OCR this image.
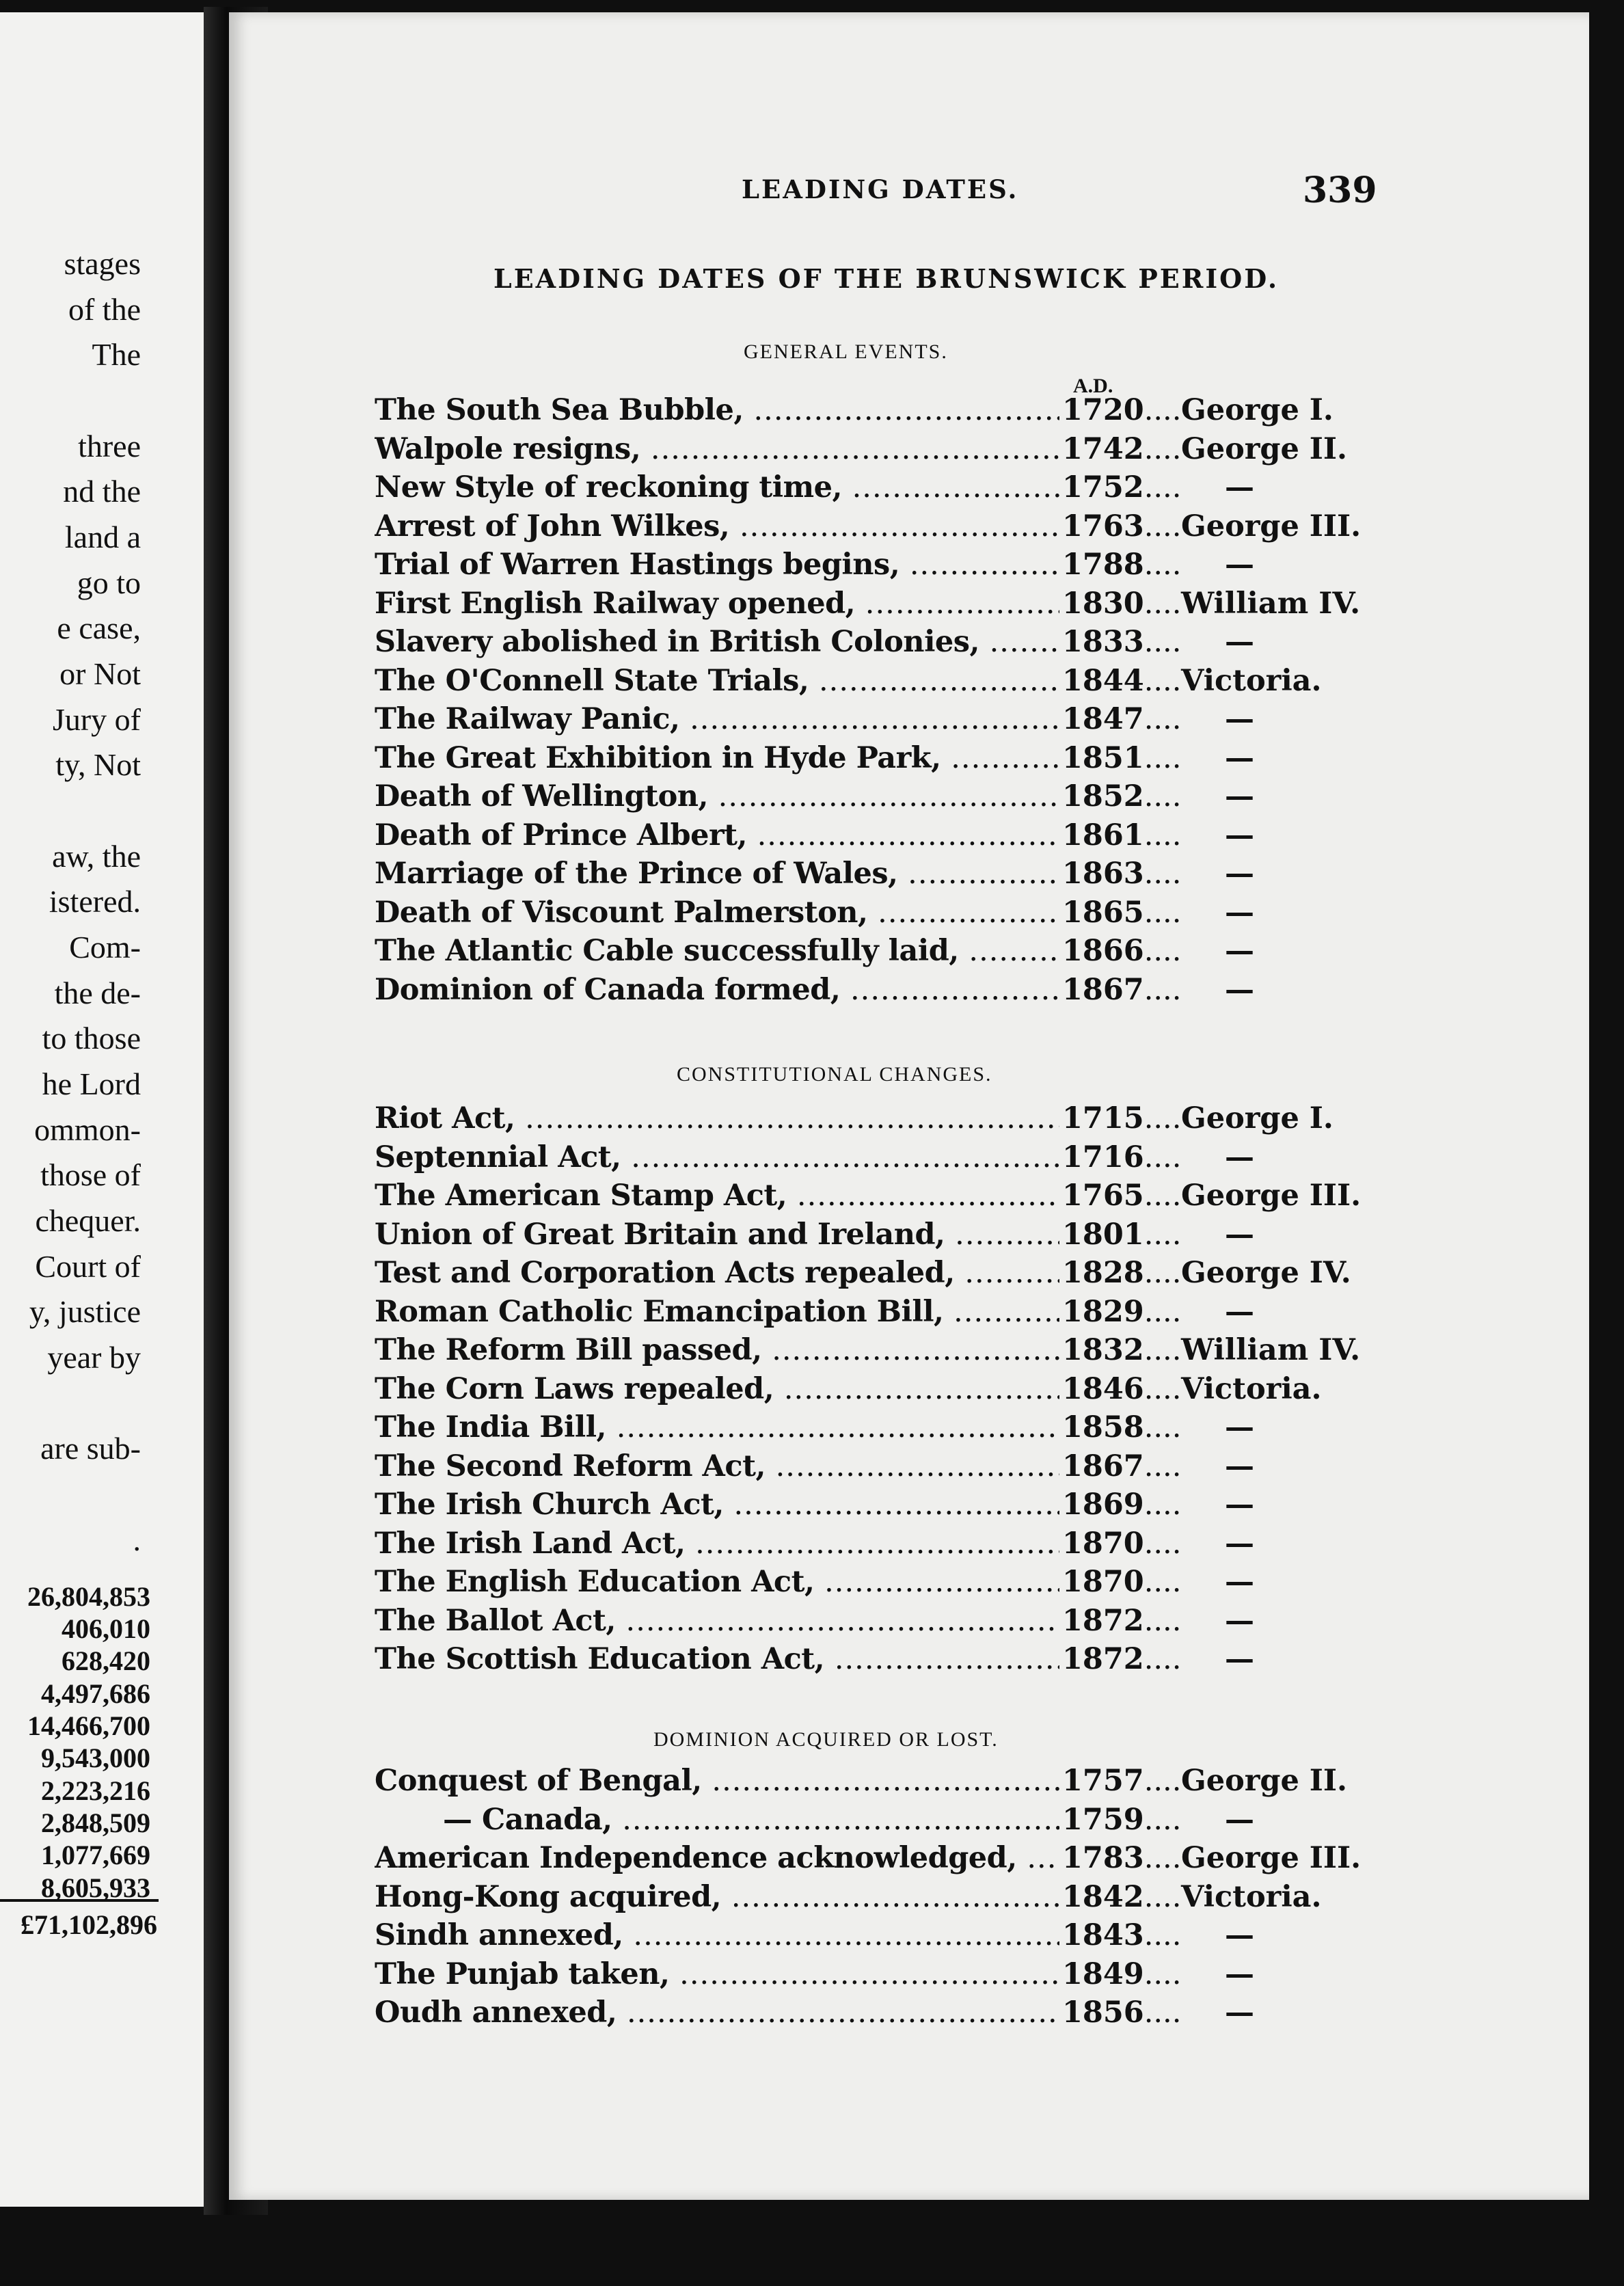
stages
of the
The
three
nd the
land a
go to
e case,
or Not
Jury of
ty, Not
aw, the
istered.
Com-
the de-
to those
he Lord
ommon-
those of
chequer.
Court of
y, justice
year by
are sub-
.
26,804,853
406,010
628,420
4,497,686
14,466,700
9,543,000
2,223,216
2,848,509
1,077,669
8,605,933
£71,102,896
LEADING DATES.	339
LEADING DATES OF THE BRUNSWICK PERIOD.
A.D.
GENERAL EVENTS.
The South Sea Bubble, .....	1720 ....	George I.
Walpole resigns, .....	1742 ....	George II.
New Style of reckoning time, .....	1752 ....	—
Arrest of John Wilkes, .....	1763 ....	George III.
Trial of Warren Hastings begins, .....	1788 ....	—
First English Railway opened, .....	1830 ....	William IV.
Slavery abolished in British Colonies, .....	1833 ....	—
The O'Connell State Trials, .....	1844 ....	Victoria.
The Railway Panic, .....	1847 ....	—
The Great Exhibition in Hyde Park, .....	1851 ....	—
Death of Wellington, .....	1852 ....	—
Death of Prince Albert, .....	1861 ....	—
Marriage of the Prince of Wales, .....	1863 ....	—
Death of Viscount Palmerston, .....	1865 ....	—
The Atlantic Cable successfully laid, .....	1866 ....	—
Dominion of Canada formed, .....	1867 ....	—
CONSTITUTIONAL CHANGES.
Riot Act, .....	1715 ....	George I.
Septennial Act, .....	1716 ....	—
The American Stamp Act, .....	1765 ....	George III.
Union of Great Britain and Ireland, .....	1801 ....	—
Test and Corporation Acts repealed, .....	1828 ....	George IV.
Roman Catholic Emancipation Bill, .....	1829 ....	—
The Reform Bill passed, .....	1832 ....	William IV.
The Corn Laws repealed, .....	1846 ....	Victoria.
The India Bill, .....	1858 ....	—
The Second Reform Act, .....	1867 ....	—
The Irish Church Act, .....	1869 ....	—
The Irish Land Act, .....	1870 ....	—
The English Education Act, .....	1870 ....	—
The Ballot Act, .....	1872 ....	—
The Scottish Education Act, .....	1872 ....	—
DOMINION ACQUIRED OR LOST.
Conquest of Bengal, .....	1757 ....	George II.
— Canada, .....	1759 ....	—
American Independence acknowledged, .....	1783 ....	George III.
Hong-Kong acquired, .....	1842 ....	Victoria.
Sindh annexed, .....	1843 ....	—
The Punjab taken, .....	1849 ....	—
Oudh annexed, .....	1856 ....	—
